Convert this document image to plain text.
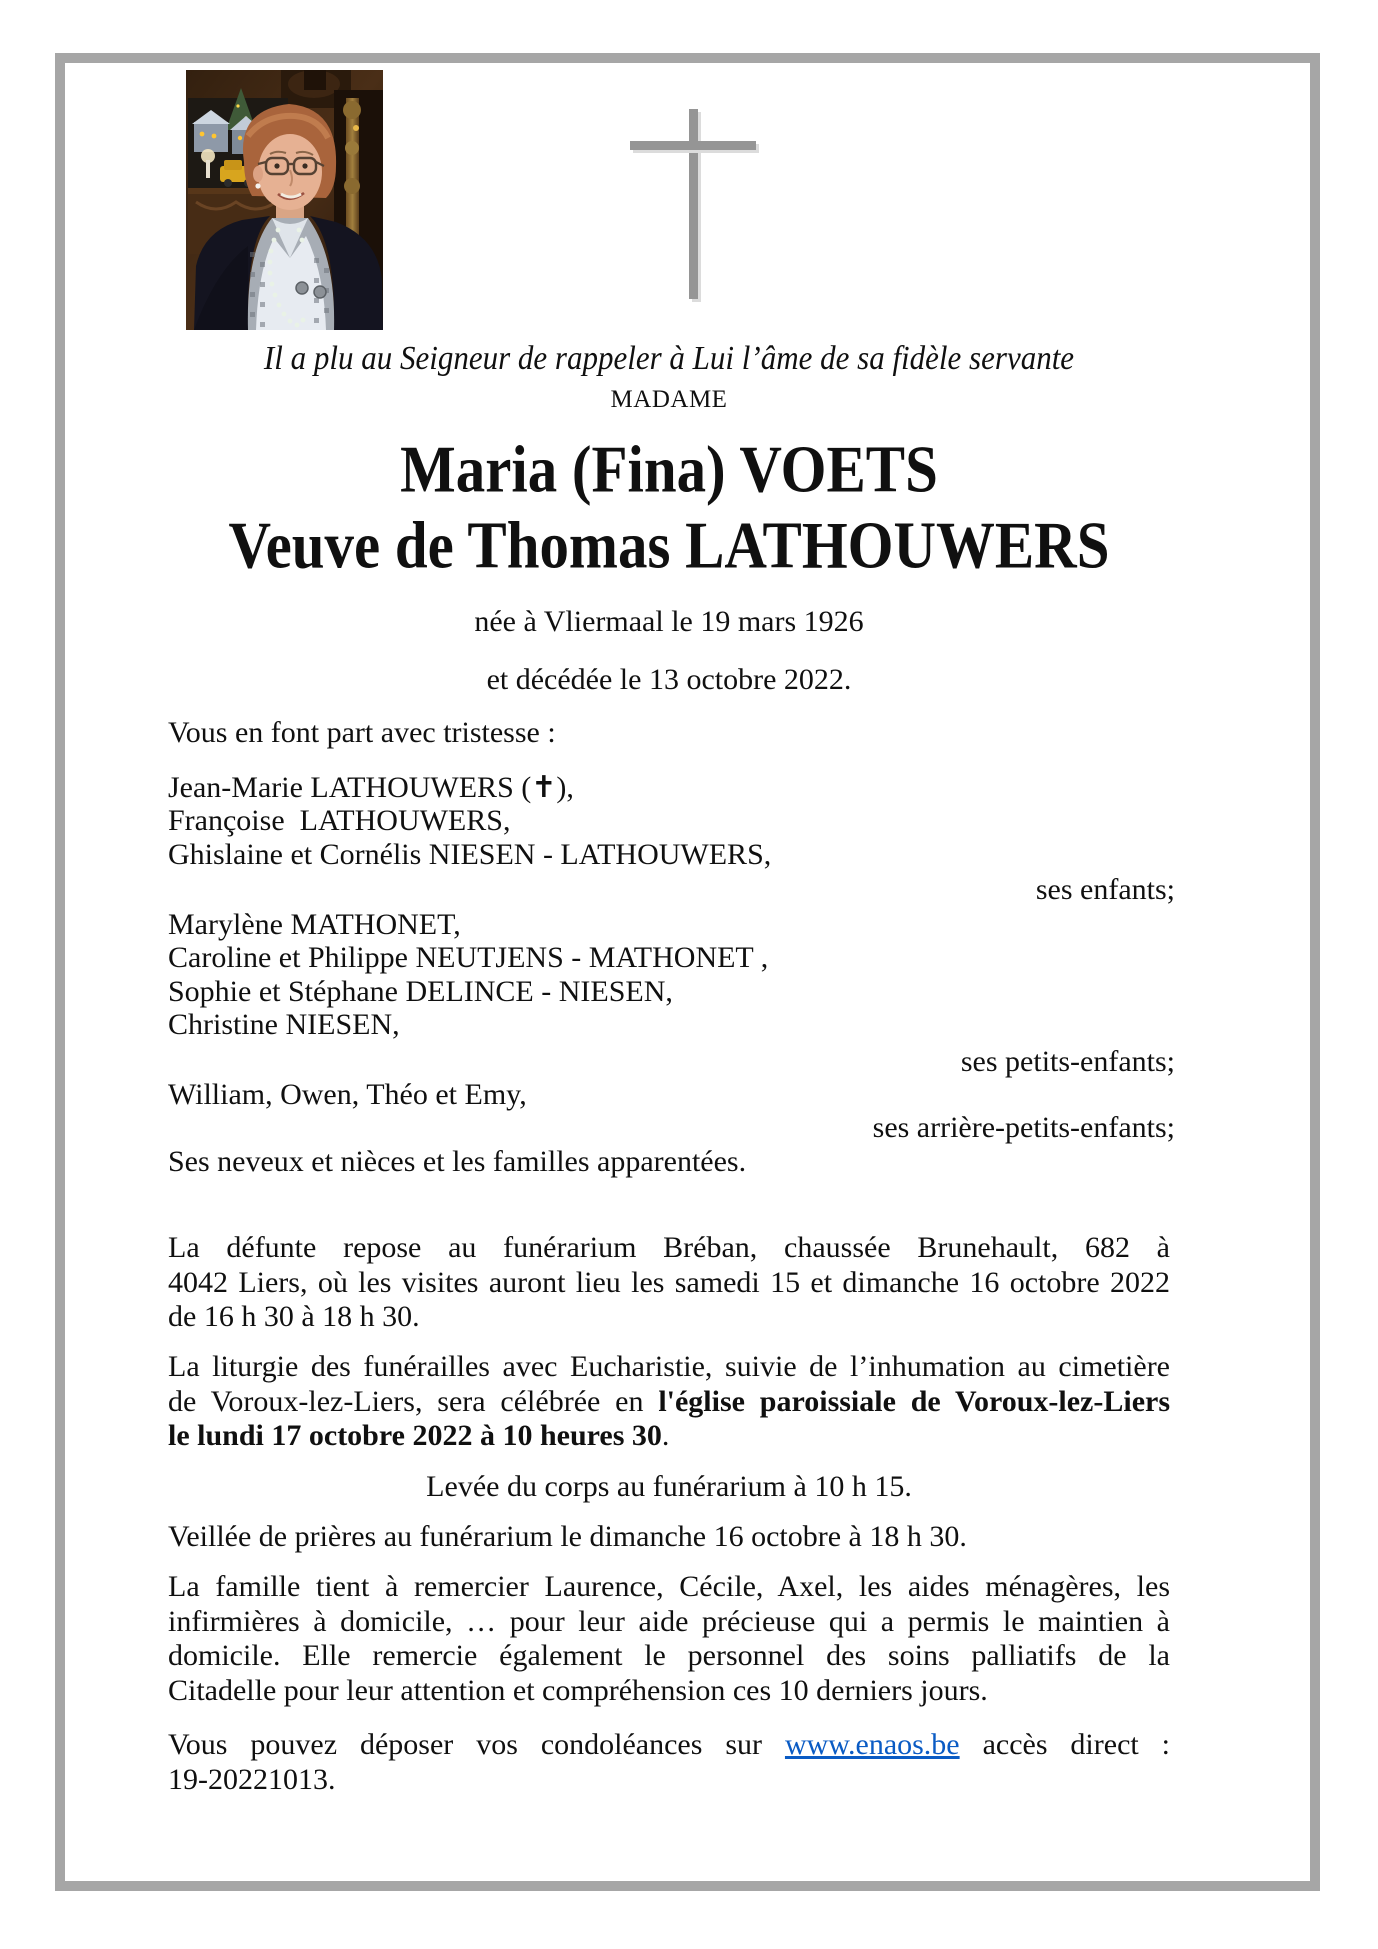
Il a plu au Seigneur de rappeler à Lui l’âme de sa fidèle servante
MADAME
Maria (Fina) VOETS
Veuve de Thomas LATHOUWERS
née à Vliermaal le 19 mars 1926
et décédée le 13 octobre 2022.
Vous en font part avec tristesse :
Jean-Marie LATHOUWERS (✝),
Françoise  LATHOUWERS,
Ghislaine et Cornélis NIESEN - LATHOUWERS,
ses enfants;
Marylène MATHONET,
Caroline et Philippe NEUTJENS - MATHONET ,
Sophie et Stéphane DELINCE - NIESEN,
Christine NIESEN,
ses petits-enfants;
William, Owen, Théo et Emy,
ses arrière-petits-enfants;
Ses neveux et nièces et les familles apparentées.
La défunte repose au funérarium Bréban, chaussée Brunehault, 682 à
4042 Liers, où les visites auront lieu les samedi 15 et dimanche 16 octobre 2022
de 16 h 30 à 18 h 30.
La liturgie des funérailles avec Eucharistie, suivie de l’inhumation au cimetière
de Voroux-lez-Liers, sera célébrée en l'église paroissiale de Voroux-lez-Liers
le lundi 17 octobre 2022 à 10 heures 30.
Levée du corps au funérarium à 10 h 15.
Veillée de prières au funérarium le dimanche 16 octobre à 18 h 30.
La famille tient à remercier Laurence, Cécile, Axel, les aides ménagères, les
infirmières à domicile, … pour leur aide précieuse qui a permis le maintien à
domicile. Elle remercie également le personnel des soins palliatifs de la
Citadelle pour leur attention et compréhension ces 10 derniers jours.
Vous pouvez déposer vos condoléances sur www.enaos.be accès direct :
19-20221013.
